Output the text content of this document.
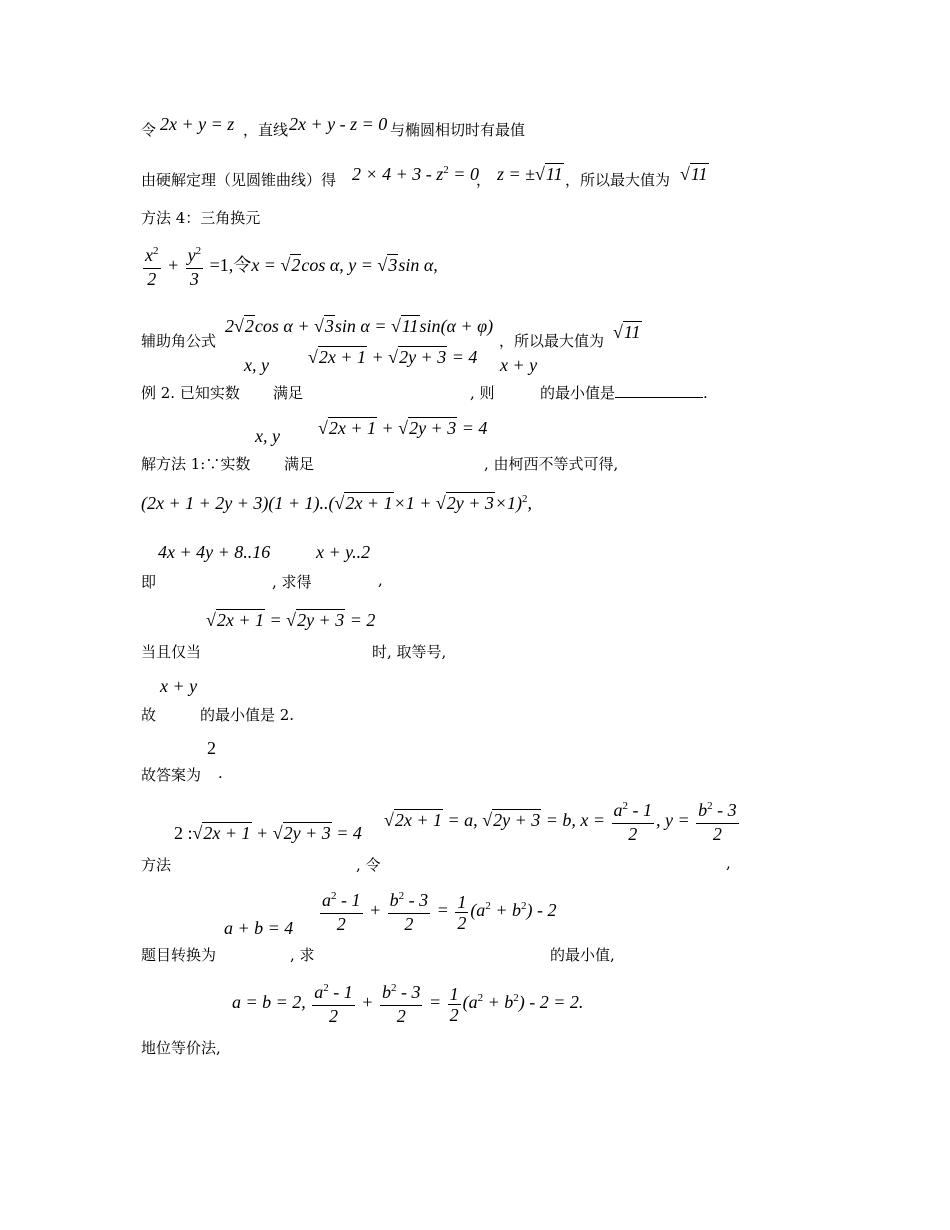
令 2x + y = z ，直线 2x + y - z = 0 与椭圆相切时有最值
由硬解定理（见圆锥曲线）得 $2 \times 4 + 3 - z^2 = 0$
， z = ±√11 ，所以最大值为 √11
方法 4：三角换元
$\frac{x^2}{2} + \frac{y^2}{3} =1$,令x = √2cos α, y = √3sin α,
辅助角公式
2√2cos α + √3sin α = √11sin(α + φ)
，所以最大值为 √11
x, y √2x + 1 + √2y + 3 = 4 x + y
例 2. 已知实数 满足	, 则	的最小值是	.
x, y √2x + 1 + √2y + 3 = 4
解方法 1:∵实数 满足	, 由柯西不等式可得,
$(2x + 1 + 2y + 3)(1 + 1)..(√2x + 1\times 1 + √2y + 3\times 1)^2$,
4x + 4y + 8..16	x + y..2
即	, 求得	,
√2x + 1 = √2y + 3 = 2
当且仅当	时, 取等号,
x + y
故	的最小值是 2.
2
故答案为 .
2 :√2x + 1 + √2y + 3 = 4
√2x + 1 = a, √2y + 3 = b, $x = \frac{a^2 - 1}{2}$ , $y = \frac{b^2 - 3}{2}$
方法	, 令	,
$a + b = 4 \frac{a^2 - 1}{2} + \frac{b^2 - 3}{2} = \frac{1}{2} (a^2 + b^2) - 2$
题目转换为	, 求	的最小值,
a = b = 2, $\frac{a^2 - 1}{2} + \frac{b^2 - 3}{2} = \frac{1}{2} (a^2 + b^2) - 2 = 2$.
地位等价法,
